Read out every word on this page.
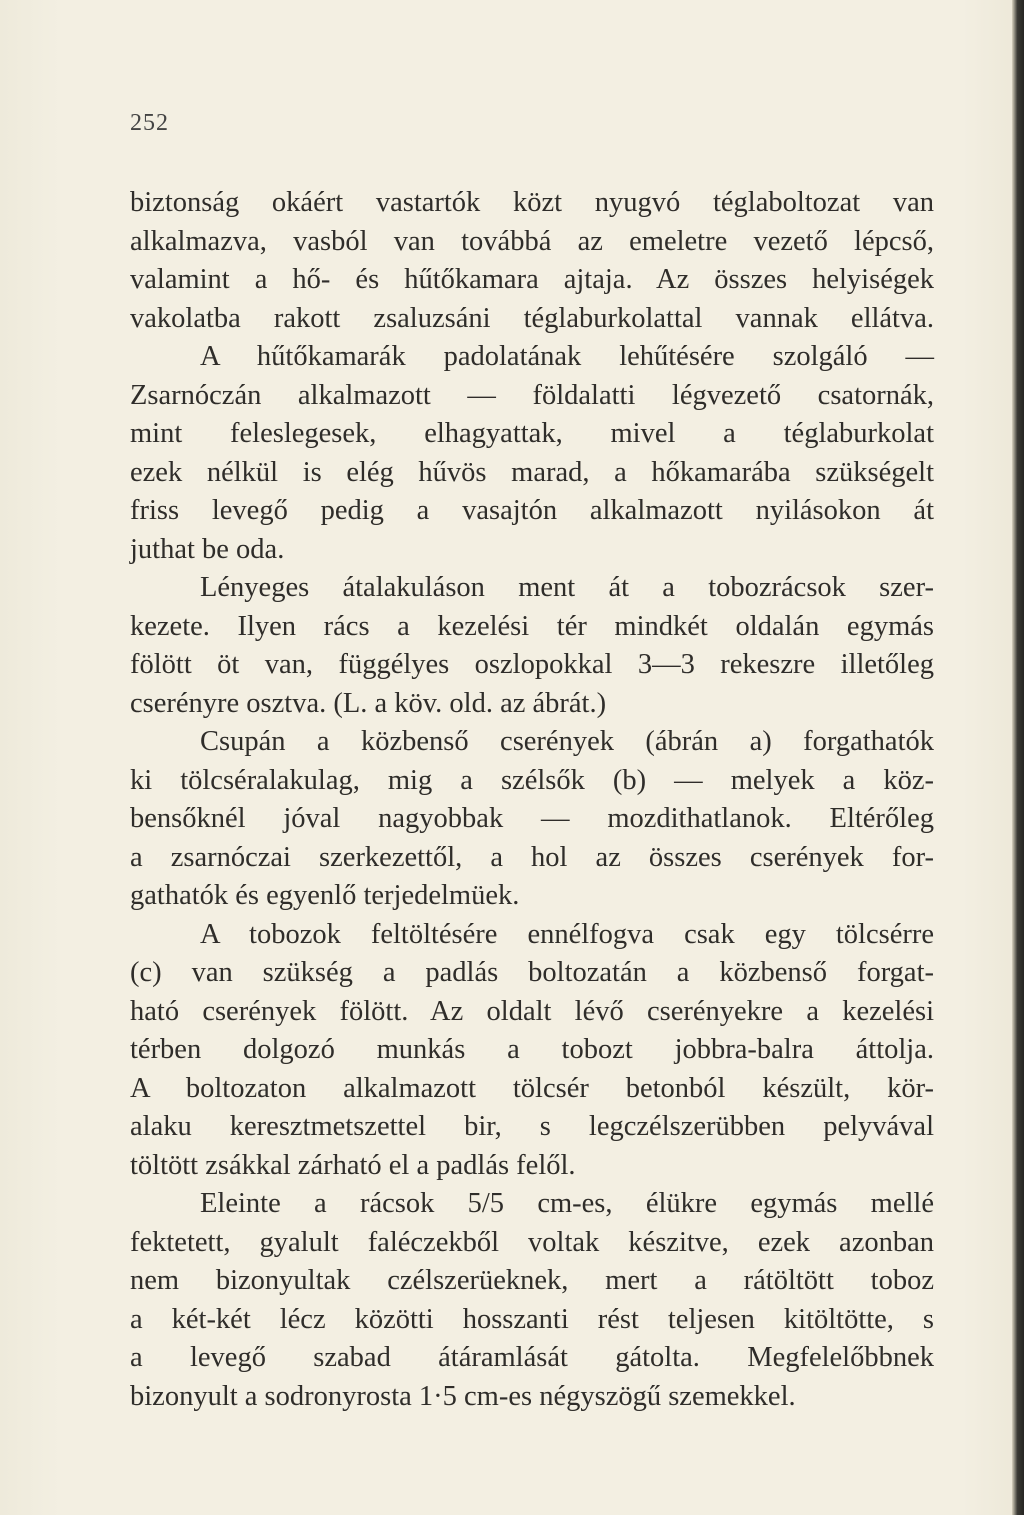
252
biztonság okáért vastartók közt nyugvó téglaboltozat van
alkalmazva, vasból van továbbá az emeletre vezető lépcső,
valamint a hő- és hűtőkamara ajtaja. Az összes helyiségek
vakolatba rakott zsaluzsáni téglaburkolattal vannak ellátva.
A hűtőkamarák padolatának lehűtésére szolgáló —
Zsarnóczán alkalmazott — földalatti légvezető csatornák,
mint feleslegesek, elhagyattak, mivel a téglaburkolat
ezek nélkül is elég hűvös marad, a hőkamarába szükségelt
friss levegő pedig a vasajtón alkalmazott nyilásokon át
juthat be oda.
Lényeges átalakuláson ment át a tobozrácsok szer-
kezete. Ilyen rács a kezelési tér mindkét oldalán egymás
fölött öt van, függélyes oszlopokkal 3—3 rekeszre illetőleg
cserényre osztva. (L. a köv. old. az ábrát.)
Csupán a közbenső cserények (ábrán a) forgathatók
ki tölcséralakulag, mig a szélsők (b) — melyek a köz-
bensőknél jóval nagyobbak — mozdithatlanok. Eltérőleg
a zsarnóczai szerkezettől, a hol az összes cserények for-
gathatók és egyenlő terjedelmüek.
A tobozok feltöltésére ennélfogva csak egy tölcsérre
(c) van szükség a padlás boltozatán a közbenső forgat-
ható cserények fölött. Az oldalt lévő cserényekre a kezelési
térben dolgozó munkás a tobozt jobbra-balra áttolja.
A boltozaton alkalmazott tölcsér betonból készült, kör-
alaku keresztmetszettel bir, s legczélszerübben pelyvával
töltött zsákkal zárható el a padlás felől.
Eleinte a rácsok 5/5 cm-es, élükre egymás mellé
fektetett, gyalult faléczekből voltak készitve, ezek azonban
nem bizonyultak czélszerüeknek, mert a rátöltött toboz
a két-két lécz közötti hosszanti rést teljesen kitöltötte, s
a levegő szabad átáramlását gátolta. Megfelelőbbnek
bizonyult a sodronyrosta 1·5 cm-es négyszögű szemekkel.
